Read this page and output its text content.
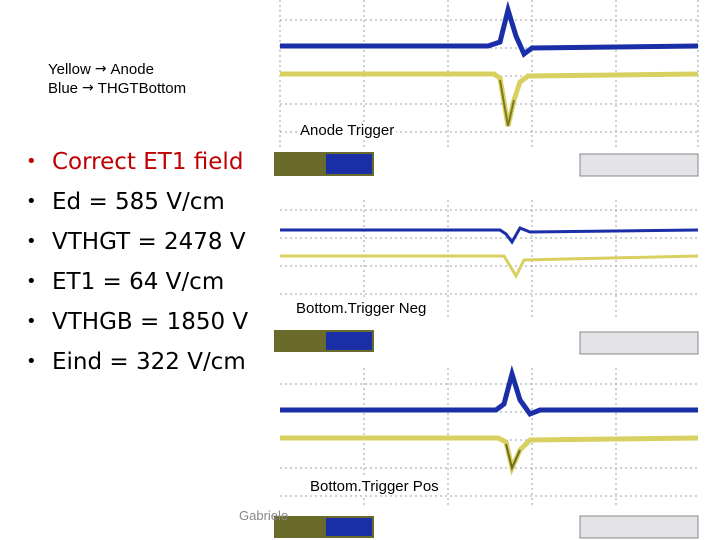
Yellow → Anode
Blue → THGTBottom
• Correct ET1 field
• Ed = 585 V/cm
• VTHGT = 2478 V
• ET1 = 64 V/cm
• VTHGB = 1850 V
• Eind = 322 V/cm
Anode Trigger
Bottom.Trigger Neg
Bottom.Trigger Pos
Gabriele
